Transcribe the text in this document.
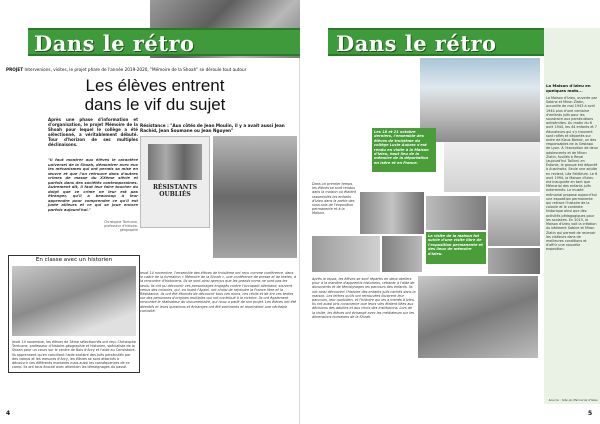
Dans le rétro
PROJET Intervenions, visites, le projet phare de l'année 2019-2020, "Mémoire de la Shoah" se déroule tout autour
Les élèves entrent
dans le vif du sujet
Après une phase d'information et d'organisation, le projet Mémoire de la Shoah pour lequel le collège a été sélectionné, a véritablement débuté. Tour d'horizon de ses multiples déclinaisons.
"Il faut montrer aux élèves le caractère universel de la Shoah, démontrer avec eux les mécanismes qui ont permis sa mise en œuvre et que l'on retrouve dans d'autres crimes de masse du XXème siècle et parfois dans des sociétés contemporaines. Autrement dit, il faut leur faire toucher du doigt que ce crime ne leur est pas étranger, qu'il a beaucoup à leur apprendre pour comprendre ce qu'il est juste ailleurs et ce qui se joue encore parfois aujourd'hui."
Christophe Tarricone, professeur d'histoire-géographie
En classe avec un historien
Jeudi 14 novembre, les élèves de 3ème sélectionnés ont reçu Christophe Tarricone, professeur d'histoire-géographie et historien, spécialiste de la Shoah pour un cours sur le centre de Bois d'Arcy et l'aide au Consistoire. Ils apprennent qu'en conciliant l'aide scolaire des Juifs persécutés par des camps et les mesures d'Arcy, les élèves se sont attachés à découvrir ces différents moments mais aussi les conséquences de ce camp. Ils ont tous écouté avec attention les témoignages du passé.
Résistance : "Aux côtés de Jean Moulin, il y a avait aussi Jean Rachid, Jean Soumane ou Jean Nguyen"
RÉSISTANTS OUBLIÉS
Jeudi 14 novembre, l'ensemble des élèves de troisième ont reçu comme conférence, dans le cadre de la formation « Mémoire de la Shoah », une conférence de presse et de textes, à la rencontre d'historiens. Ils se sont ainsi aperçus que les grands noms ne sont pas les seuls. Ils ont pu découvrir ces personnages engagés contre l'occupant allemand, souvent venus des colonies, qui, en lisant l'Appel, ont choisi de rejoindre la France libre et la Résistance. Ils ont été étonnés de découvrir tous ces noms, ces récits et de lire ces textes sur des personnes d'origines multiples qui ont contribué à la victoire. Ils ont également rencontré le réalisateur du documentaire, qui nous a parlé de son projet. Les élèves ont été attentifs et leurs questions et échanges ont été pertinents et montraient une véritable curiosité.
4
Dans le rétro
Les 18 et 21 octobre derniers, l'ensemble des élèves de troisième du collège Lucie Aubrac s'est rendu en visite à la Maison d'Izieu, haut lieu de la mémoire de la déportation en Isère et en France.
Dans un premier temps, les élèves se sont rendus dans la maison où étaient rassemblés les enfants d'Izieu dans la partie des sous-sols de l'exposition permanente et à la Maison.
La visite de la maison fut suivie d'une visite libre de l'exposition permanente et des lieux de mémoire d'Izieu.
Après le repas, les élèves se sont répartis en deux ateliers pour à la manière d'apprentis historiens, retracer à l'aide de documents et de témoignages les parcours des enfants. Ils ont ainsi découvert l'histoire des enfants juifs cachés dans la maison. Les lettres qu'ils ont retrouvées illustrent leur parcours, leur quotidien, et l'histoire qui les a menés à Izieu. Ils ont aussi pris conscience que leurs vies étaient liées aux décisions des adultes et aux choix des institutions. Lors de la visite, les élèves ont échangé avec les médiateurs sur les dimensions humaines de la Shoah.
La Maison d'Izieu en quelques mots...
La Maison d'Izieu, ouverte par Sabine et Miron Zlatin, accueille de mai 1943 à avril 1944 plus d'une centaine d'enfants juifs pour les soustraire aux persécutions antisémites. Au matin du 6 avril 1944, les 44 enfants et 7 éducateurs qui s'y trouvent sont raflés et déportés sur ordre de Klaus Barbie, un des responsables de la Gestapo de Lyon. À l'exception de deux adolescents et de Miron Zlatin, fusillés à Reval (aujourd'hui Tallinn) en Estonie, le groupe est déporté à Auschwitz. Seule une adulte en revient, Léa Feldblum. Le 6 avril 1994, la Maison d'Izieu est inaugurée en tant que Mémorial des enfants juifs exterminés. Le musée mémorial propose aujourd'hui une exposition permanente qui retrace l'histoire de la colonie et le contexte historique ainsi que des activités pédagogiques pour les scolaires. En 2015, la Maison d'Izieu voit la création du bâtiment Sabine et Miron Zlatin qui permet de recevoir les visiteurs dans de meilleures conditions et d'offrir une nouvelle exposition.
Source : Site du Mémorial d'Izieu
5
